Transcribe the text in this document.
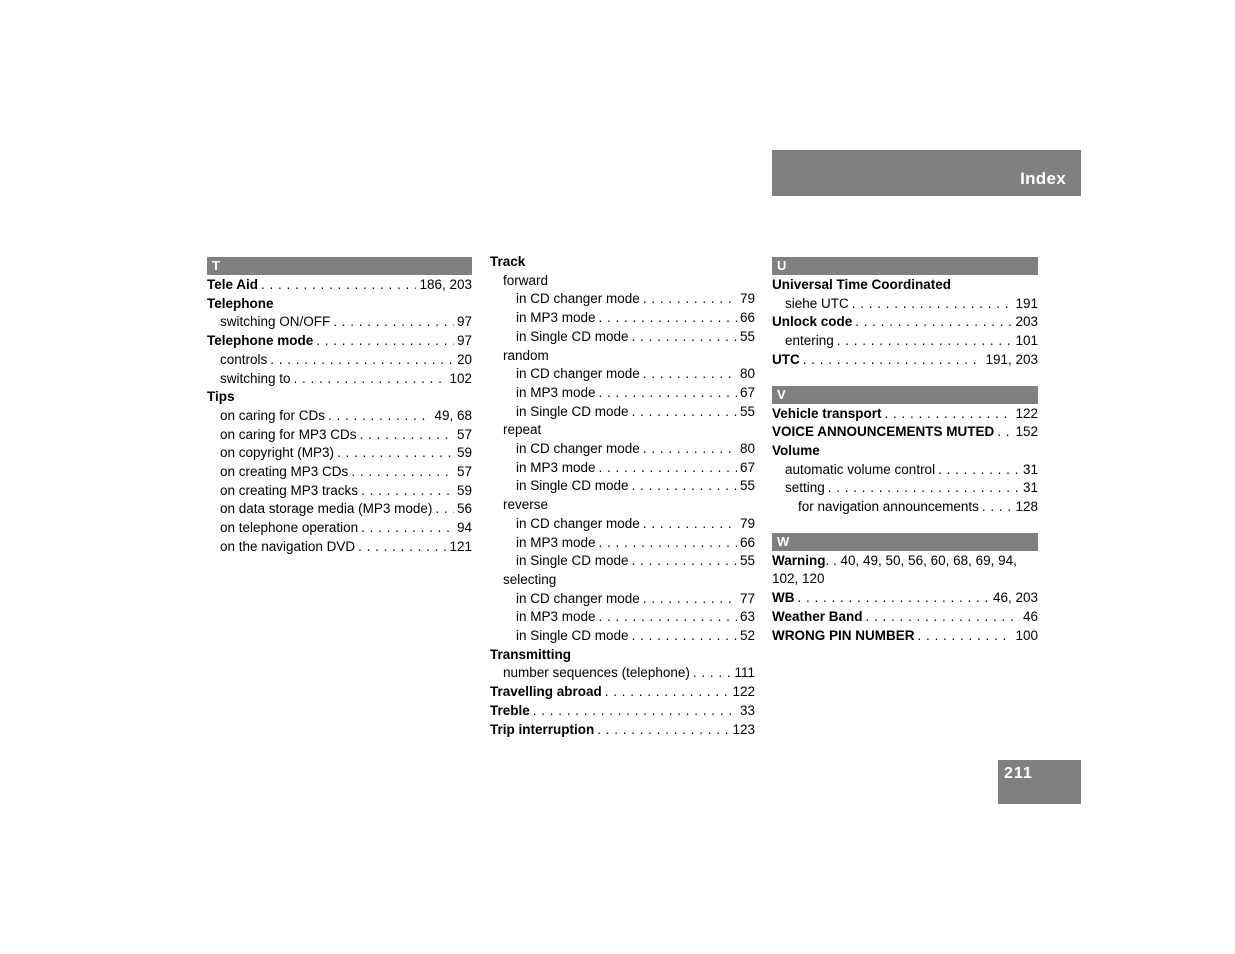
Index
T
Tele Aid . . .	186, 203
Telephone
switching ON/OFF . . .	97
Telephone mode . . .	97
controls . . .	20
switching to . . .	102
Tips
on caring for CDs . . .	49, 68
on caring for MP3 CDs . . .	57
on copyright (MP3) . . .	59
on creating MP3 CDs . . .	57
on creating MP3 tracks . . .	59
on data storage media (MP3 mode) . . . 56
on telephone operation . . .	94
on the navigation DVD . . .	121
Track
forward
in CD changer mode . . .	79
in MP3 mode . . .	66
in Single CD mode . . .	55
random
in CD changer mode . . .	80
in MP3 mode . . .	67
in Single CD mode . . .	55
repeat
in CD changer mode . . .	80
in MP3 mode . . .	67
in Single CD mode . . .	55
reverse
in CD changer mode . . .	79
in MP3 mode . . .	66
in Single CD mode . . .	55
selecting
in CD changer mode . . .	77
in MP3 mode . . .	63
in Single CD mode . . .	52
Transmitting
number sequences (telephone) . . .	111
Travelling abroad . . .	122
Treble . . .	33
Trip interruption . . .	123
U
Universal Time Coordinated
siehe UTC . . .	191
Unlock code . . .	203
entering . . .	101
UTC . . .	191, 203
V
Vehicle transport . . .	122
VOICE ANNOUNCEMENTS MUTED . . . 152
Volume
automatic volume control . . .	31
setting . . .	31
for navigation announcements . . .	128
W
Warning. . 40, 49, 50, 56, 60, 68, 69, 94, 102, 120
WB . . .	46, 203
Weather Band . . .	46
WRONG PIN NUMBER . . .	100
211
